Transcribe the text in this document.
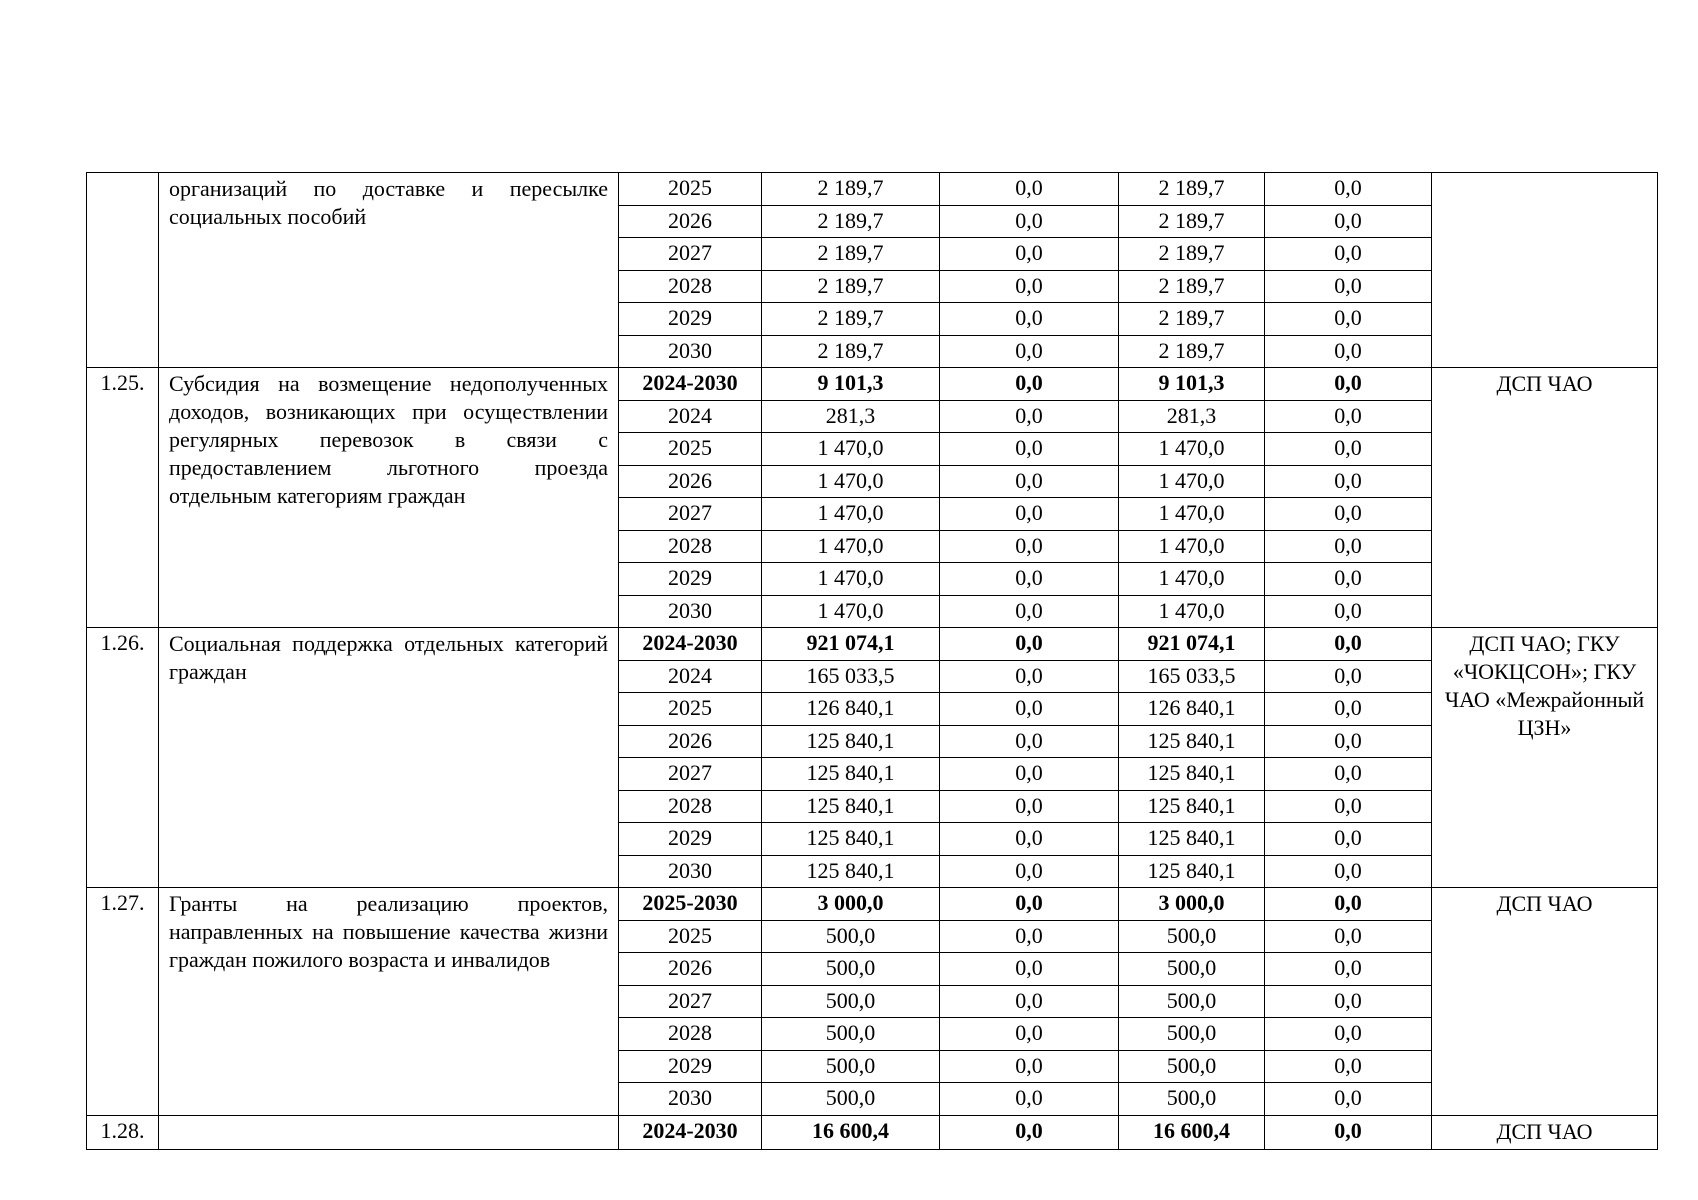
	организаций по доставке и пересылке социальных пособий	2025	2 189,7	0,0	2 189,7	0,0	
		2026	2 189,7	0,0	2 189,7	0,0	
		2027	2 189,7	0,0	2 189,7	0,0	
		2028	2 189,7	0,0	2 189,7	0,0	
		2029	2 189,7	0,0	2 189,7	0,0	
		2030	2 189,7	0,0	2 189,7	0,0	
1.25.	Субсидия на возмещение недополученных доходов, возникающих при осуществлении регулярных перевозок в связи с предоставлением льготного проезда отдельным категориям граждан	2024-2030	9 101,3	0,0	9 101,3	0,0	ДСП ЧАО
		2024	281,3	0,0	281,3	0,0	
		2025	1 470,0	0,0	1 470,0	0,0	
		2026	1 470,0	0,0	1 470,0	0,0	
		2027	1 470,0	0,0	1 470,0	0,0	
		2028	1 470,0	0,0	1 470,0	0,0	
		2029	1 470,0	0,0	1 470,0	0,0	
		2030	1 470,0	0,0	1 470,0	0,0	
1.26.	Социальная поддержка отдельных категорий граждан	2024-2030	921 074,1	0,0	921 074,1	0,0	ДСП ЧАО; ГКУ «ЧОКЦСОН»; ГКУ ЧАО «Межрайонный ЦЗН»
		2024	165 033,5	0,0	165 033,5	0,0	
		2025	126 840,1	0,0	126 840,1	0,0	
		2026	125 840,1	0,0	125 840,1	0,0	
		2027	125 840,1	0,0	125 840,1	0,0	
		2028	125 840,1	0,0	125 840,1	0,0	
		2029	125 840,1	0,0	125 840,1	0,0	
		2030	125 840,1	0,0	125 840,1	0,0	
1.27.	Гранты на реализацию проектов, направленных на повышение качества жизни граждан пожилого возраста и инвалидов	2025-2030	3 000,0	0,0	3 000,0	0,0	ДСП ЧАО
		2025	500,0	0,0	500,0	0,0	
		2026	500,0	0,0	500,0	0,0	
		2027	500,0	0,0	500,0	0,0	
		2028	500,0	0,0	500,0	0,0	
		2029	500,0	0,0	500,0	0,0	
		2030	500,0	0,0	500,0	0,0	
1.28.		2024-2030	16 600,4	0,0	16 600,4	0,0	ДСП ЧАО
